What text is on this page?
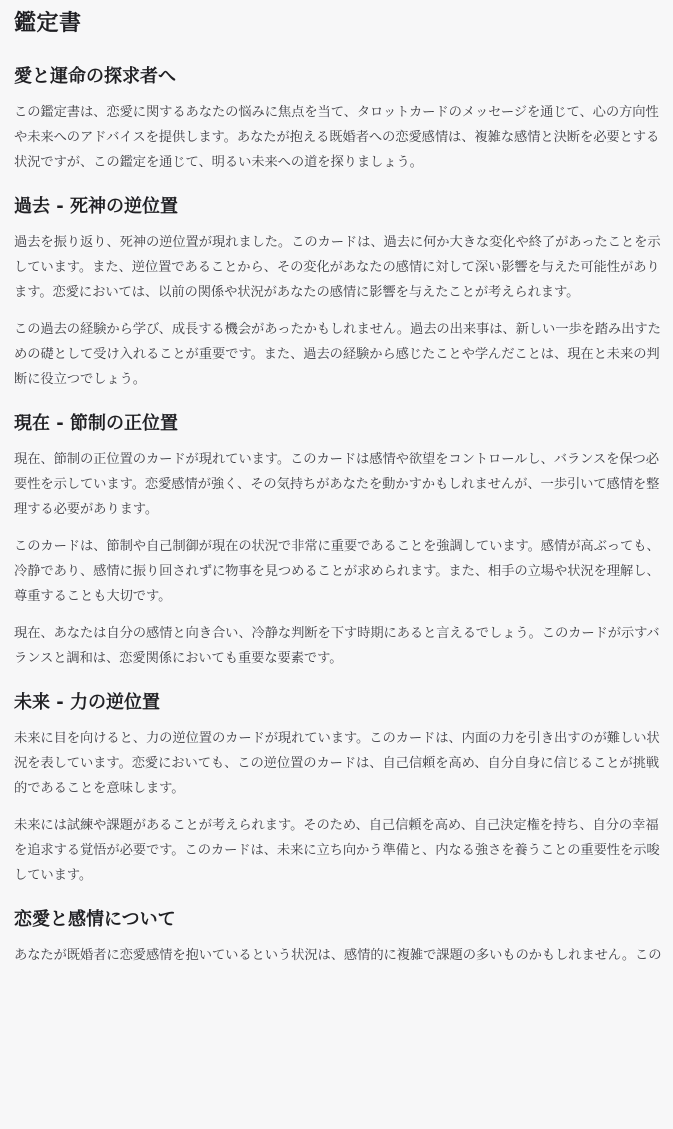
鑑定書
愛と運命の探求者へ

この鑑定書は、恋愛に関するあなたの悩みに焦点を当て、タロットカードのメッセージを通じて、心の方向性や未来へのアドバイスを提供します。あなたが抱える既婚者への恋愛感情は、複雑な感情と決断を必要とする状況ですが、この鑑定を通じて、明るい未来への道を探りましょう。

過去 - 死神の逆位置

過去を振り返り、死神の逆位置が現れました。このカードは、過去に何か大きな変化や終了があったことを示しています。また、逆位置であることから、その変化があなたの感情に対して深い影響を与えた可能性があります。恋愛においては、以前の関係や状況があなたの感情に影響を与えたことが考えられます。

この過去の経験から学び、成長する機会があったかもしれません。過去の出来事は、新しい一歩を踏み出すための礎として受け入れることが重要です。また、過去の経験から感じたことや学んだことは、現在と未来の判断に役立つでしょう。

現在 - 節制の正位置

現在、節制の正位置のカードが現れています。このカードは感情や欲望をコントロールし、バランスを保つ必要性を示しています。恋愛感情が強く、その気持ちがあなたを動かすかもしれませんが、一歩引いて感情を整理する必要があります。

このカードは、節制や自己制御が現在の状況で非常に重要であることを強調しています。感情が高ぶっても、冷静であり、感情に振り回されずに物事を見つめることが求められます。また、相手の立場や状況を理解し、尊重することも大切です。

現在、あなたは自分の感情と向き合い、冷静な判断を下す時期にあると言えるでしょう。このカードが示すバランスと調和は、恋愛関係においても重要な要素です。

未来 - 力の逆位置

未来に目を向けると、力の逆位置のカードが現れています。このカードは、内面の力を引き出すのが難しい状況を表しています。恋愛においても、この逆位置のカードは、自己信頼を高め、自分自身に信じることが挑戦的であることを意味します。

未来には試練や課題があることが考えられます。そのため、自己信頼を高め、自己決定権を持ち、自分の幸福を追求する覚悟が必要です。このカードは、未来に立ち向かう準備と、内なる強さを養うことの重要性を示唆しています。

恋愛と感情について

あなたが既婚者に恋愛感情を抱いているという状況は、感情的に複雑で課題の多いものかもしれません。この
